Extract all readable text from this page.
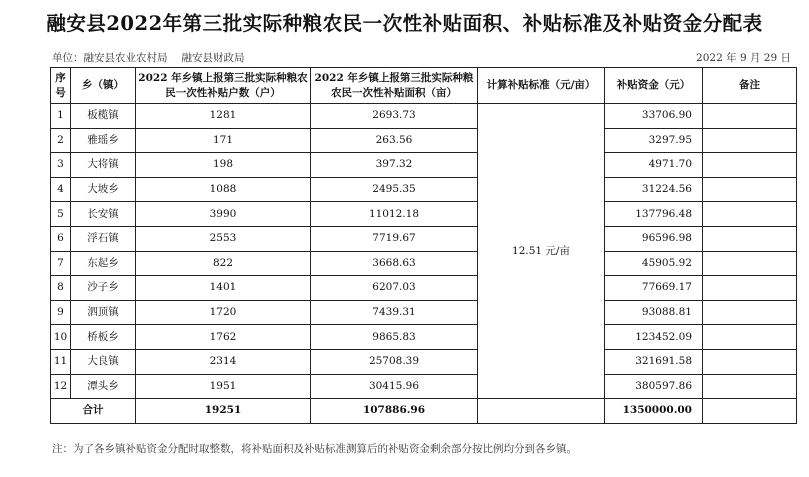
融安县2022年第三批实际种粮农民一次性补贴面积、补贴标准及补贴资金分配表
单位：融安县农业农村局 融安县财政局	2022 年 9 月 29 日
序号	乡（镇）	2022 年乡镇上报第三批实际种粮农民一次性补贴户数（户）	2022 年乡镇上报第三批实际种粮农民一次性补贴面积（亩）	计算补贴标准（元/亩）	补贴资金（元）	备注
1	板榄镇	1281	2693.73	12.51 元/亩	33706.90	
2	雅瑶乡	171	263.56		3297.95	
3	大将镇	198	397.32		4971.70	
4	大坡乡	1088	2495.35		31224.56	
5	长安镇	3990	11012.18		137796.48	
6	浮石镇	2553	7719.67		96596.98	
7	东起乡	822	3668.63		45905.92	
8	沙子乡	1401	6207.03		77669.17	
9	泗顶镇	1720	7439.31		93088.81	
10	桥板乡	1762	9865.83		123452.09	
11	大良镇	2314	25708.39		321691.58	
12	潭头乡	1951	30415.96		380597.86	
合计		19251	107886.96		1350000.00	
注：为了各乡镇补贴资金分配时取整数，将补贴面积及补贴标准测算后的补贴资金剩余部分按比例均分到各乡镇。
